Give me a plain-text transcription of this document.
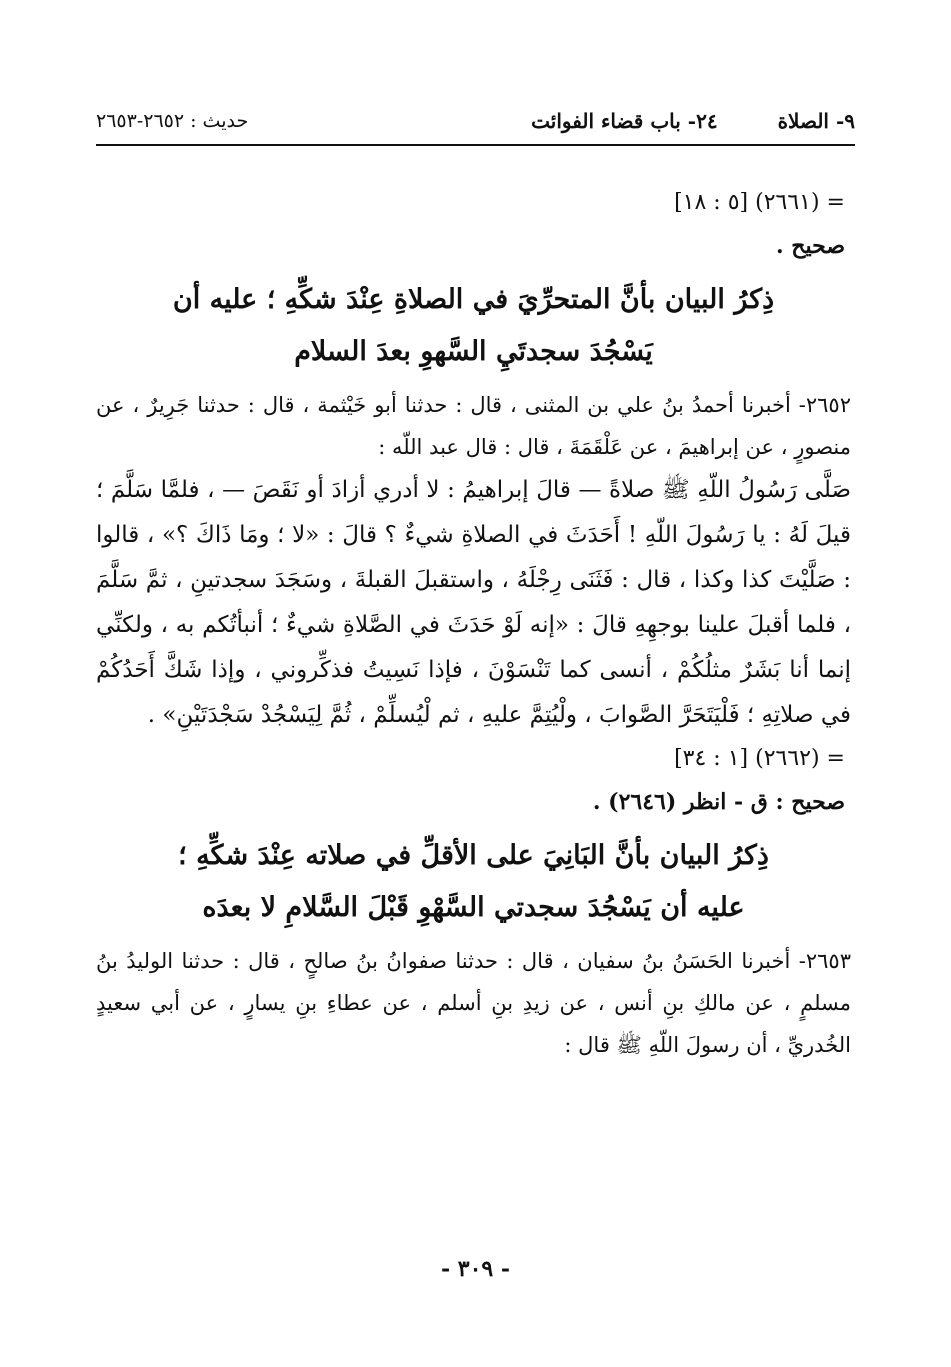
٩- الصلاة
٢٤- باب قضاء الفوائت
حديث : ٢٦٥٢-٢٦٥٣
= (٢٦٦١) [٥ : ١٨]
صحيح .
ذِكرُ البيان بأنَّ المتحرِّيَ في الصلاةِ عِنْدَ شكِّهِ ؛ عليه أن
يَسْجُدَ سجدتَيِ السَّهوِ بعدَ السلام

٢٦٥٢- أخبرنا أحمدُ بنُ علي بن المثنى ، قال : حدثنا أبو خَيْثمة ، قال : حدثنا جَرِيرٌ ، عن منصورٍ ، عن إبراهيمَ ، عن عَلْقَمَةَ ، قال : قال عبد اللّه :

صَلَّى رَسُولُ اللّهِ ﷺ صلاةً — قالَ إبراهيمُ : لا أدري أزادَ أو نَقَصَ — ، فلمَّا سَلَّمَ ؛ قيلَ لَهُ : يا رَسُولَ اللّهِ ! أَحَدَثَ في الصلاةِ شيءٌ ؟ قالَ : «لا ؛ ومَا ذَاكَ ؟» ، قالوا : صَلَّيْتَ كذا وكذا ، قال : فَثَنَى رِجْلَهُ ، واستقبلَ القبلةَ ، وسَجَدَ سجدتينِ ، ثمَّ سَلَّمَ ، فلما أقبلَ علينا بوجهِهِ قالَ : «إنه لَوْ حَدَثَ في الصَّلاةِ شيءٌ ؛ أنبأتُكم به ، ولكنِّي إنما أنا بَشَرٌ مثلُكُمْ ، أنسى كما تَنْسَوْنَ ، فإذا نَسِيتُ فذكِّروني ، وإذا شَكَّ أَحَدُكُمْ في صلاتِهِ ؛ فَلْيَتَحَرَّ الصَّوابَ ، ولْيُتِمَّ عليهِ ، ثم لْيُسلِّمْ ، ثُمَّ لِيَسْجُدْ سَجْدَتَيْنِ» .

= (٢٦٦٢) [١ : ٣٤]
صحيح : ق - انظر (٢٦٤٦) .
ذِكرُ البيان بأنَّ البَانِيَ على الأقلِّ في صلاته عِنْدَ شكِّهِ ؛
عليه أن يَسْجُدَ سجدتي السَّهْوِ قَبْلَ السَّلامِ لا بعدَه

٢٦٥٣- أخبرنا الحَسَنُ بنُ سفيان ، قال : حدثنا صفوانُ بنُ صالحٍ ، قال : حدثنا الوليدُ بنُ مسلمٍ ، عن مالكِ بنِ أنس ، عن زيدِ بنِ أسلم ، عن عطاءِ بنِ يسارٍ ، عن أبي سعيدٍ الخُدريِّ ، أن رسولَ اللّهِ ﷺ قال :

- ٣٠٩ -
